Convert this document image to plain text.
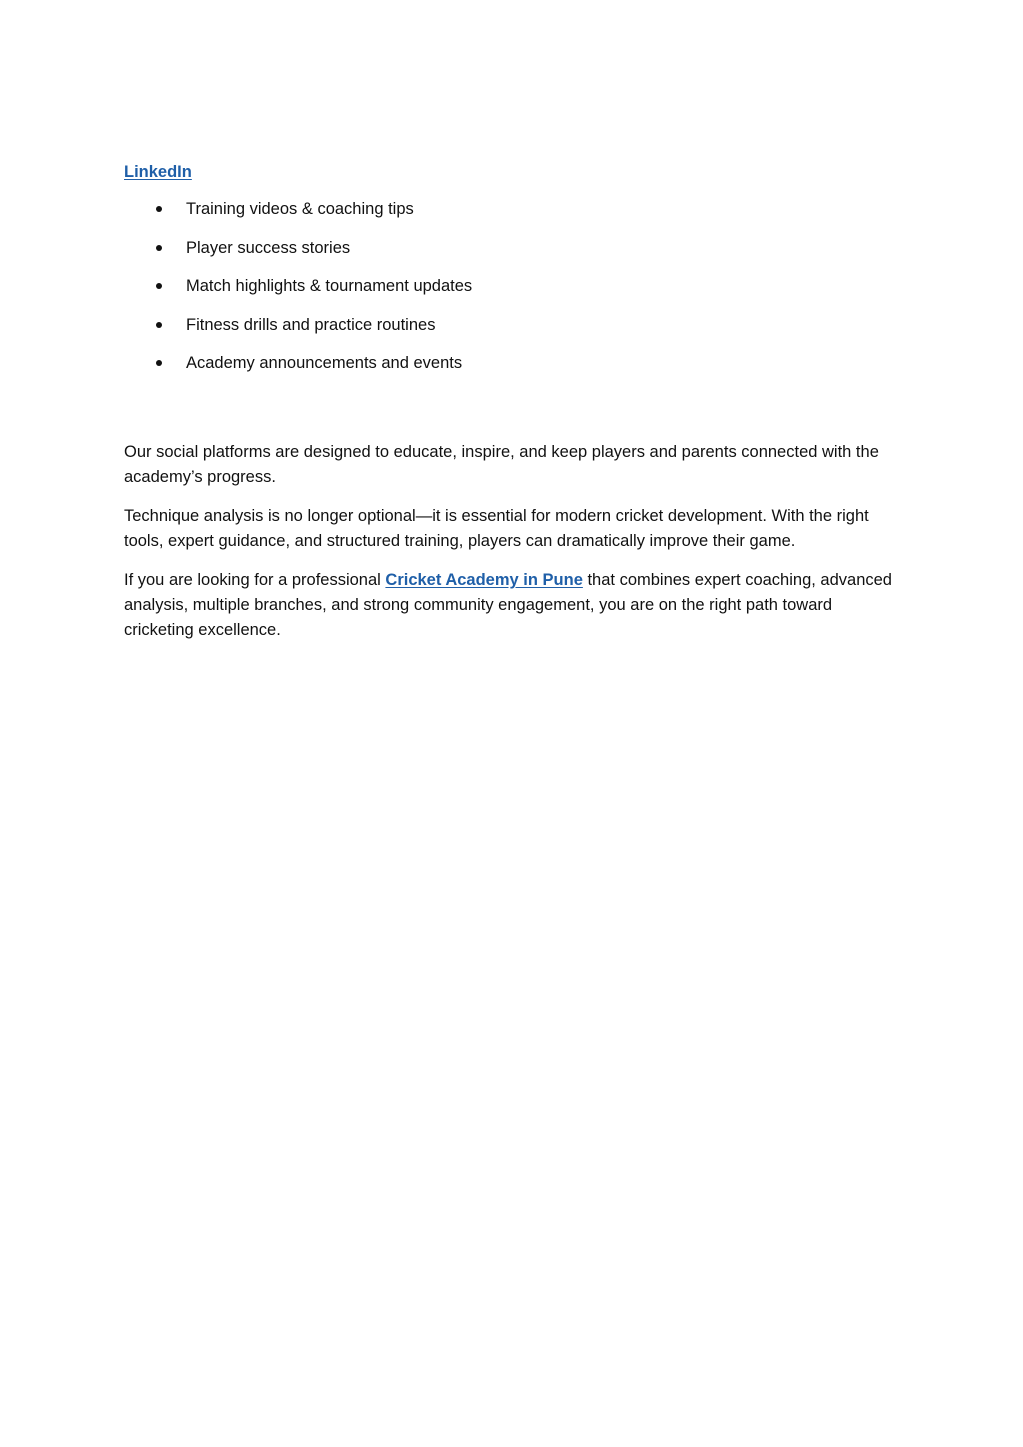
LinkedIn
Training videos & coaching tips
Player success stories
Match highlights & tournament updates
Fitness drills and practice routines
Academy announcements and events

Our social platforms are designed to educate, inspire, and keep players and parents connected with the academy’s progress.

Technique analysis is no longer optional—it is essential for modern cricket development. With the right tools, expert guidance, and structured training, players can dramatically improve their game.

If you are looking for a professional Cricket Academy in Pune that combines expert coaching, advanced analysis, multiple branches, and strong community engagement, you are on the right path toward cricketing excellence.
